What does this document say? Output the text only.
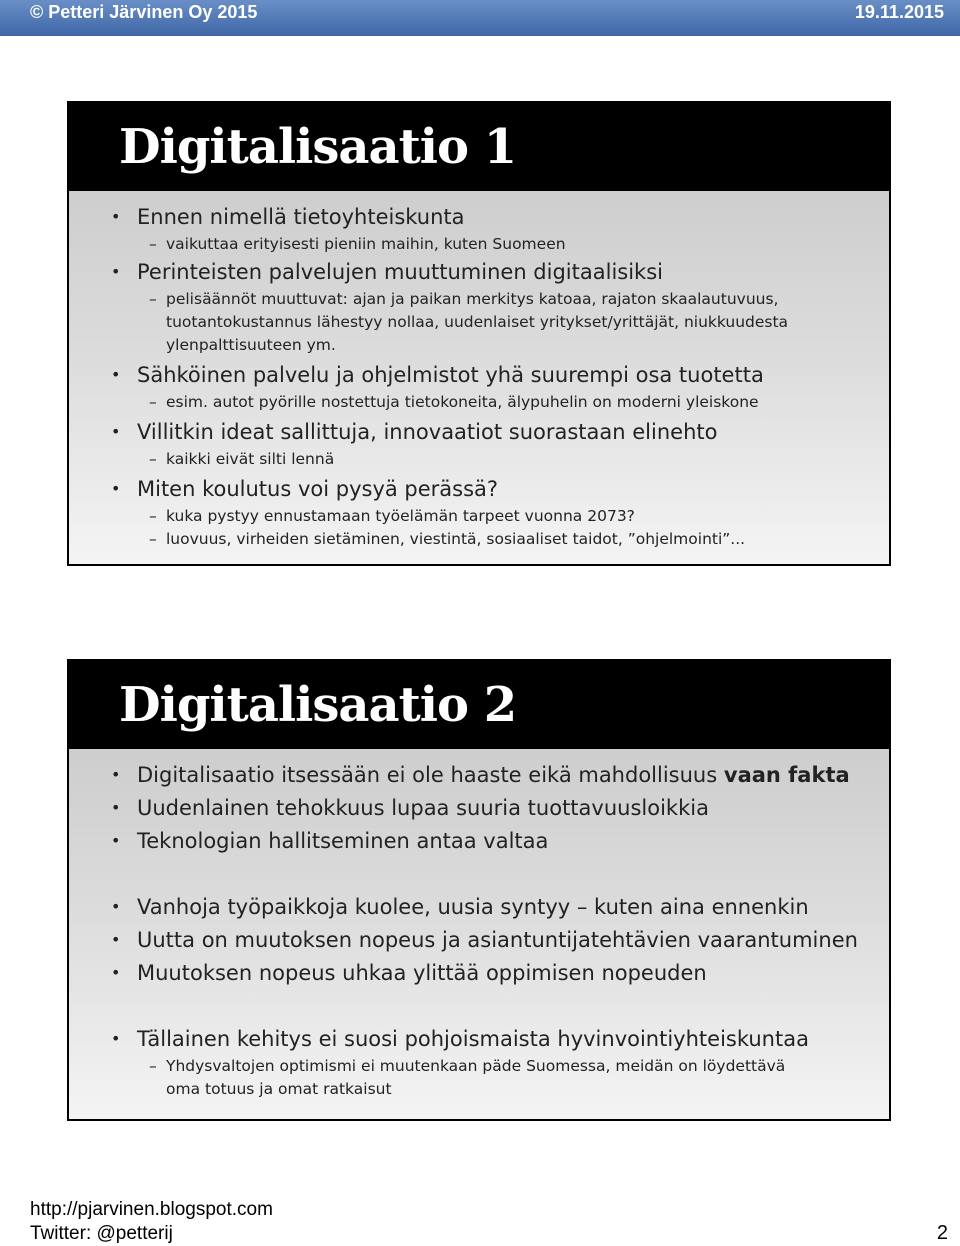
© Petteri Järvinen Oy 2015	19.11.2015
Digitalisaatio 1
• Ennen nimellä tietoyhteiskunta
– vaikuttaa erityisesti pieniin maihin, kuten Suomeen
• Perinteisten palvelujen muuttuminen digitaalisiksi
– pelisäännöt muuttuvat: ajan ja paikan merkitys katoaa, rajaton skaalautuvuus, tuotantokustannus lähestyy nollaa, uudenlaiset yritykset/yrittäjät, niukkuudesta ylenpalttisuuteen ym.
• Sähköinen palvelu ja ohjelmistot yhä suurempi osa tuotetta
– esim. autot pyörille nostettuja tietokoneita, älypuhelin on moderni yleiskone
• Villitkin ideat sallittuja, innovaatiot suorastaan elinehto
– kaikki eivät silti lennä
• Miten koulutus voi pysyä perässä?
– kuka pystyy ennustamaan työelämän tarpeet vuonna 2073?
– luovuus, virheiden sietäminen, viestintä, sosiaaliset taidot, ”ohjelmointi”...
Digitalisaatio 2
• Digitalisaatio itsessään ei ole haaste eikä mahdollisuus vaan fakta
• Uudenlainen tehokkuus lupaa suuria tuottavuusloikkia
• Teknologian hallitseminen antaa valtaa
• Vanhoja työpaikkoja kuolee, uusia syntyy – kuten aina ennenkin
• Uutta on muutoksen nopeus ja asiantuntijatehtävien vaarantuminen
• Muutoksen nopeus uhkaa ylittää oppimisen nopeuden
• Tällainen kehitys ei suosi pohjoismaista hyvinvointiyhteiskuntaa
– Yhdysvaltojen optimismi ei muutenkaan päde Suomessa, meidän on löydettävä oma totuus ja omat ratkaisut
http://pjarvinen.blogspot.com
Twitter: @petterij	2
